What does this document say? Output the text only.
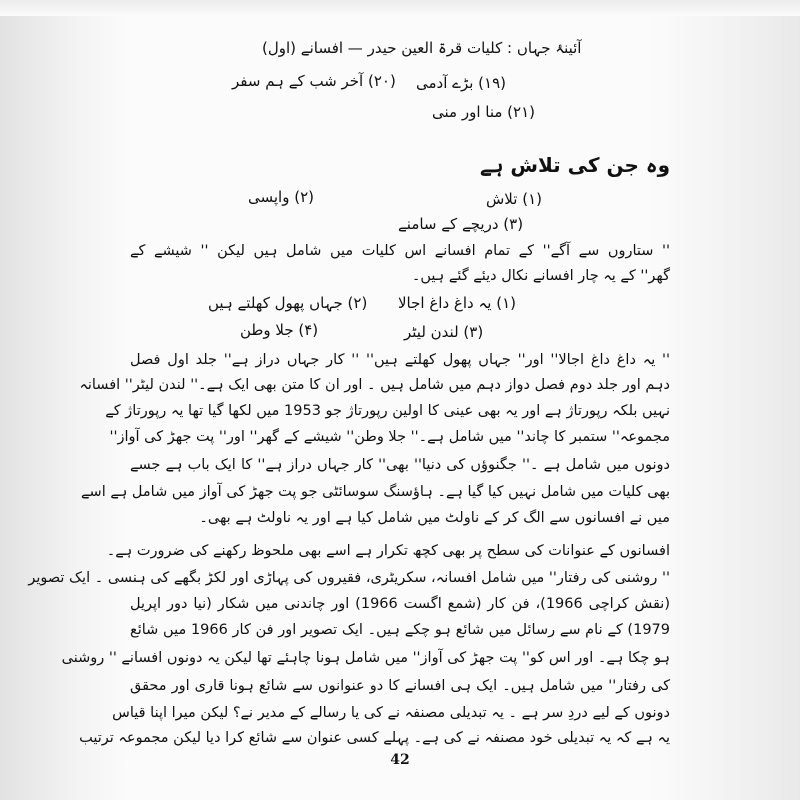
آئینۂ جہاں : کلیات قرۃ العین حیدر — افسانے (اول)
(۲۰) آخر شب کے ہم سفر (۱۹) بڑے آدمی
(۲۱) منا اور منی
وہ جن کی تلاش ہے
(۲) واپسی	(۱) تلاش
(۳) دریچے کے سامنے
'' ستاروں سے آگے'' کے تمام افسانے اس کلیات میں شامل ہیں لیکن '' شیشے کے
گھر'' کے یہ چار افسانے نکال دیئے گئے ہیں۔
(۲) جہاں پھول کھلتے ہیں (۱) یہ داغ داغ اجالا
(۴) جلا وطن	(۳) لندن لیٹر
'' یہ داغ داغ اجالا'' اور'' جہاں پھول کھلتے ہیں'' '' کار جہاں دراز ہے'' جلد اول فصل
دہم اور جلد دوم فصل دواز دہم میں شامل ہیں ۔ اور ان کا متن بھی ایک ہے۔'' لندن لیٹر'' افسانہ
نہیں بلکہ رپورتاژ ہے اور یہ بھی عینی کا اولین رپورتاژ جو 1953 میں لکھا گیا تھا یہ رپورتاژ کے
مجموعہ'' ستمبر کا چاند'' میں شامل ہے۔'' جلا وطن'' شیشے کے گھر'' اور'' پت جھڑ کی آواز''
دونوں میں شامل ہے ۔'' جگنوؤں کی دنیا'' بھی'' کار جہاں دراز ہے'' کا ایک باب ہے جسے
بھی کلیات میں شامل نہیں کیا گیا ہے۔ ہاؤسنگ سوسائٹی جو پت جھڑ کی آواز میں شامل ہے اسے
میں نے افسانوں سے الگ کر کے ناولٹ میں شامل کیا ہے اور یہ ناولٹ ہے بھی۔
افسانوں کے عنوانات کی سطح پر بھی کچھ تکرار ہے اسے بھی ملحوظ رکھنے کی ضرورت ہے۔
'' روشنی کی رفتار'' میں شامل افسانہ، سکریٹری، فقیروں کی پہاڑی اور لکڑ بگھے کی ہنسی ۔ ایک تصویر
(نقش کراچی 1966)، فن کار (شمع اگست 1966) اور چاندنی میں شکار (نیا دور اپریل
1979) کے نام سے رسائل میں شائع ہو چکے ہیں۔ ایک تصویر اور فن کار 1966 میں شائع
ہو چکا ہے۔ اور اس کو'' پت جھڑ کی آواز'' میں شامل ہونا چاہئے تھا لیکن یہ دونوں افسانے '' روشنی
کی رفتار'' میں شامل ہیں۔ ایک ہی افسانے کا دو عنوانوں سے شائع ہونا قاری اور محقق
دونوں کے لیے دردِ سر ہے ۔ یہ تبدیلی مصنفہ نے کی یا رسالے کے مدیر نے؟ لیکن میرا اپنا قیاس
یہ ہے کہ یہ تبدیلی خود مصنفہ نے کی ہے۔ پہلے کسی عنوان سے شائع کرا دیا لیکن مجموعہ ترتیب
42
